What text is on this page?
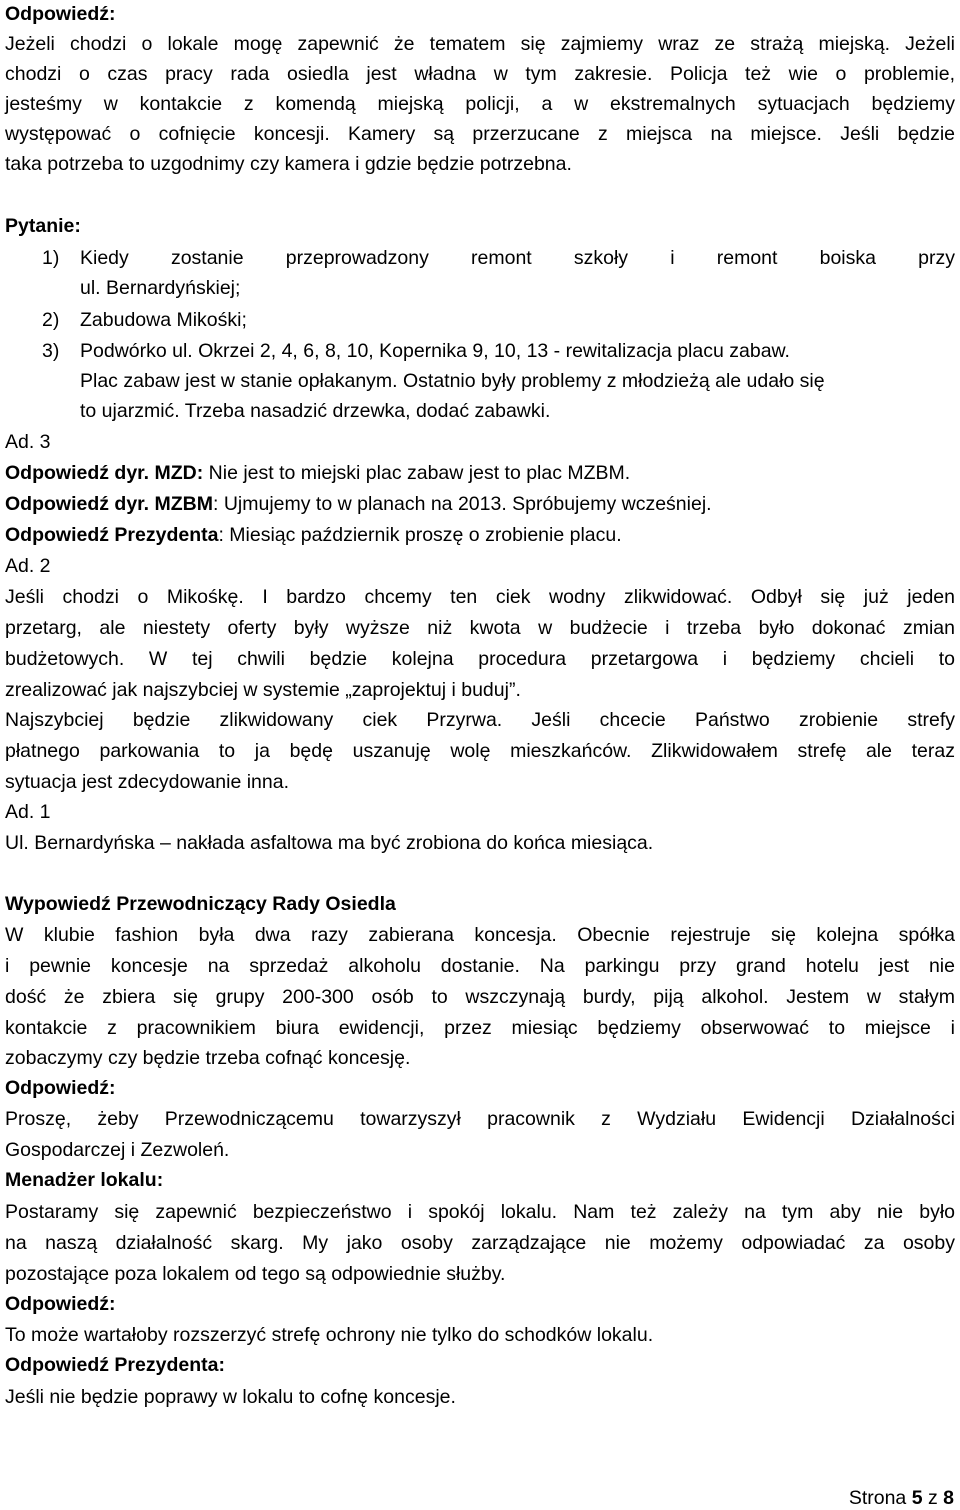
Odpowiedź:
Jeżeli chodzi o lokale mogę zapewnić że tematem się zajmiemy wraz ze strażą miejską. Jeżeli
chodzi o czas pracy rada osiedla jest władna w tym zakresie. Policja też wie o problemie,
jesteśmy w kontakcie z komendą miejską policji, a w ekstremalnych sytuacjach będziemy
występować o cofnięcie koncesji. Kamery są przerzucane z miejsca na miejsce. Jeśli będzie
taka potrzeba to uzgodnimy czy kamera i gdzie będzie potrzebna.
Pytanie:
1) Kiedy zostanie przeprowadzony remont szkoły i remont boiska przy
ul. Bernardyńskiej;
2) Zabudowa Mikośki;
3) Podwórko ul. Okrzei 2, 4, 6, 8, 10, Kopernika 9, 10, 13 - rewitalizacja placu zabaw.
Plac zabaw jest w stanie opłakanym. Ostatnio były problemy z młodzieżą ale udało się
to ujarzmić. Trzeba nasadzić drzewka, dodać zabawki.
Ad. 3
Odpowiedź dyr. MZD: Nie jest to miejski plac zabaw jest to plac MZBM.
Odpowiedź dyr. MZBM: Ujmujemy to w planach na 2013. Spróbujemy wcześniej.
Odpowiedź Prezydenta: Miesiąc październik proszę o zrobienie placu.
Ad. 2
Jeśli chodzi o Mikośkę. I bardzo chcemy ten ciek wodny zlikwidować. Odbył się już jeden
przetarg, ale niestety oferty były wyższe niż kwota w budżecie i trzeba było dokonać zmian
budżetowych. W tej chwili będzie kolejna procedura przetargowa i będziemy chcieli to
zrealizować jak najszybciej w systemie „zaprojektuj i buduj”.
Najszybciej będzie zlikwidowany ciek Przyrwa. Jeśli chcecie Państwo zrobienie strefy
płatnego parkowania to ja będę uszanuję wolę mieszkańców. Zlikwidowałem strefę ale teraz
sytuacja jest zdecydowanie inna.
Ad. 1
Ul. Bernardyńska – nakłada asfaltowa ma być zrobiona do końca miesiąca.
Wypowiedź Przewodniczący Rady Osiedla
W klubie fashion była dwa razy zabierana koncesja. Obecnie rejestruje się kolejna spółka
i pewnie koncesje na sprzedaż alkoholu dostanie. Na parkingu przy grand hotelu jest nie
dość że zbiera się grupy 200-300 osób to wszczynają burdy, piją alkohol. Jestem w stałym
kontakcie z pracownikiem biura ewidencji, przez miesiąc będziemy obserwować to miejsce i
zobaczymy czy będzie trzeba cofnąć koncesję.
Odpowiedź:
Proszę, żeby Przewodniczącemu towarzyszył pracownik z Wydziału Ewidencji Działalności
Gospodarczej i Zezwoleń.
Menadżer lokalu:
Postaramy się zapewnić bezpieczeństwo i spokój lokalu. Nam też zależy na tym aby nie było
na naszą działalność skarg. My jako osoby zarządzające nie możemy odpowiadać za osoby
pozostające poza lokalem od tego są odpowiednie służby.
Odpowiedź:
To może wartałoby rozszerzyć strefę ochrony nie tylko do schodków lokalu.
Odpowiedź Prezydenta:
Jeśli nie będzie poprawy w lokalu to cofnę koncesje.
Strona 5 z 8
